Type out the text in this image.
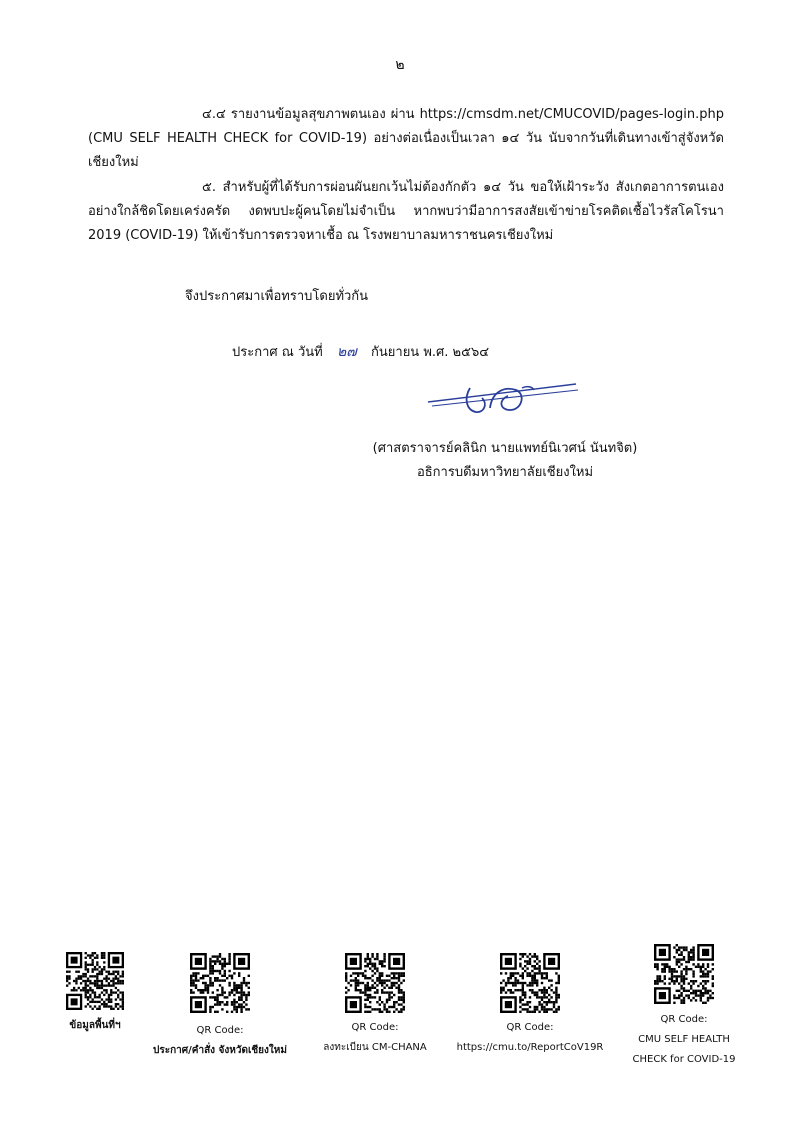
๒

๔.๔ รายงานข้อมูลสุขภาพตนเอง ผ่าน https://cmsdm.net/CMUCOVID/pages-login.php (CMU SELF HEALTH CHECK for COVID-19) อย่างต่อเนื่องเป็นเวลา ๑๔ วัน นับจากวันที่เดินทางเข้าสู่จังหวัดเชียงใหม่

๕. สำหรับผู้ที่ได้รับการผ่อนผันยกเว้นไม่ต้องกักตัว ๑๔ วัน ขอให้เฝ้าระวัง สังเกตอาการตนเองอย่างใกล้ชิดโดยเคร่งครัด งดพบปะผู้คนโดยไม่จำเป็น หากพบว่ามีอาการสงสัยเข้าข่ายโรคติดเชื้อไวรัสโคโรนา 2019 (COVID-19) ให้เข้ารับการตรวจหาเชื้อ ณ โรงพยาบาลมหาราชนครเชียงใหม่

จึงประกาศมาเพื่อทราบโดยทั่วกัน
ประกาศ ณ วันที่ ๒๗ กันยายน พ.ศ. ๒๕๖๔
(ศาสตราจารย์คลินิก นายแพทย์นิเวศน์ นันทจิต)
อธิการบดีมหาวิทยาลัยเชียงใหม่
ข้อมูลพื้นที่ฯ	QR Code:
ประกาศ/คำสั่ง จังหวัดเชียงใหม่
QR Code:
ลงทะเบียน CM-CHANA
QR Code:
https://cmu.to/ReportCoV19R
QR Code:
CMU SELF HEALTH
CHECK for COVID-19
